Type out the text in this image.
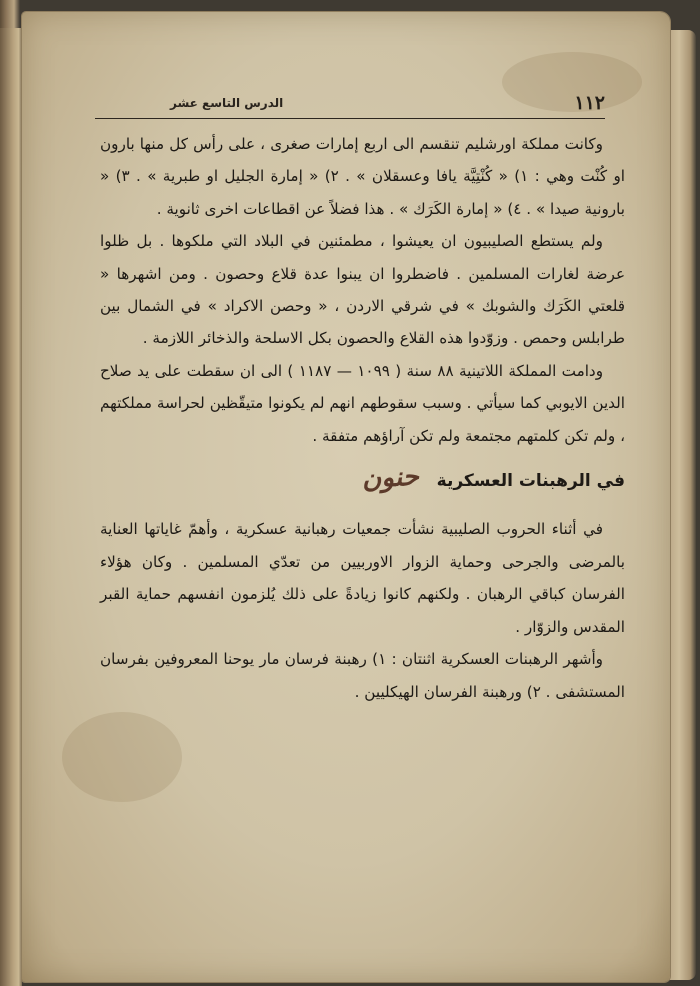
١١٢
الدرس التاسع عشر

وكانت مملكة اورشليم تنقسم الى اربع إمارات صغرى ، على رأس كل منها بارون او كُنْت وهي : ١) « كُنْتِيَّة يافا وعسقلان » . ٢) « إمارة الجليل او طبرية » . ٣) « بارونية صيدا » . ٤) « إمارة الكَرَك » . هذا فضلاً عن اقطاعات اخرى ثانوية .

ولم يستطع الصليبيون ان يعيشوا ، مطمئنين في البلاد التي ملكوها . بل ظلوا عرضة لغارات المسلمين . فاضطروا ان يبنوا عدة قلاع وحصون . ومن اشهرها « قلعتي الكَرَك والشوبك » في شرقي الاردن ، « وحصن الاكراد » في الشمال بين طرابلس وحمص . وزوّدوا هذه القلاع والحصون بكل الاسلحة والذخائر اللازمة .

ودامت المملكة اللاتينية ٨٨ سنة ( ١٠٩٩ — ١١٨٧ ) الى ان سقطت على يد صلاح الدين الايوبي كما سيأتي . وسبب سقوطهم انهم لم يكونوا متيقّظين لحراسة مملكتهم ، ولم تكن كلمتهم مجتمعة ولم تكن آراؤهم متفقة .

في الرهبنات العسكرية حنون

في أثناء الحروب الصليبية نشأت جمعيات رهبانية عسكرية ، وأهمّ غاياتها العناية بالمرضى والجرحى وحماية الزوار الاوربيين من تعدّي المسلمين . وكان هؤلاء الفرسان كباقي الرهبان . ولكنهم كانوا زيادةً على ذلك يُلزمون انفسهم حماية القبر المقدس والزوّار .

وأشهر الرهبنات العسكرية اثنتان : ١) رهبنة فرسان مار يوحنا المعروفين بفرسان المستشفى . ٢) ورهبنة الفرسان الهيكليين .
